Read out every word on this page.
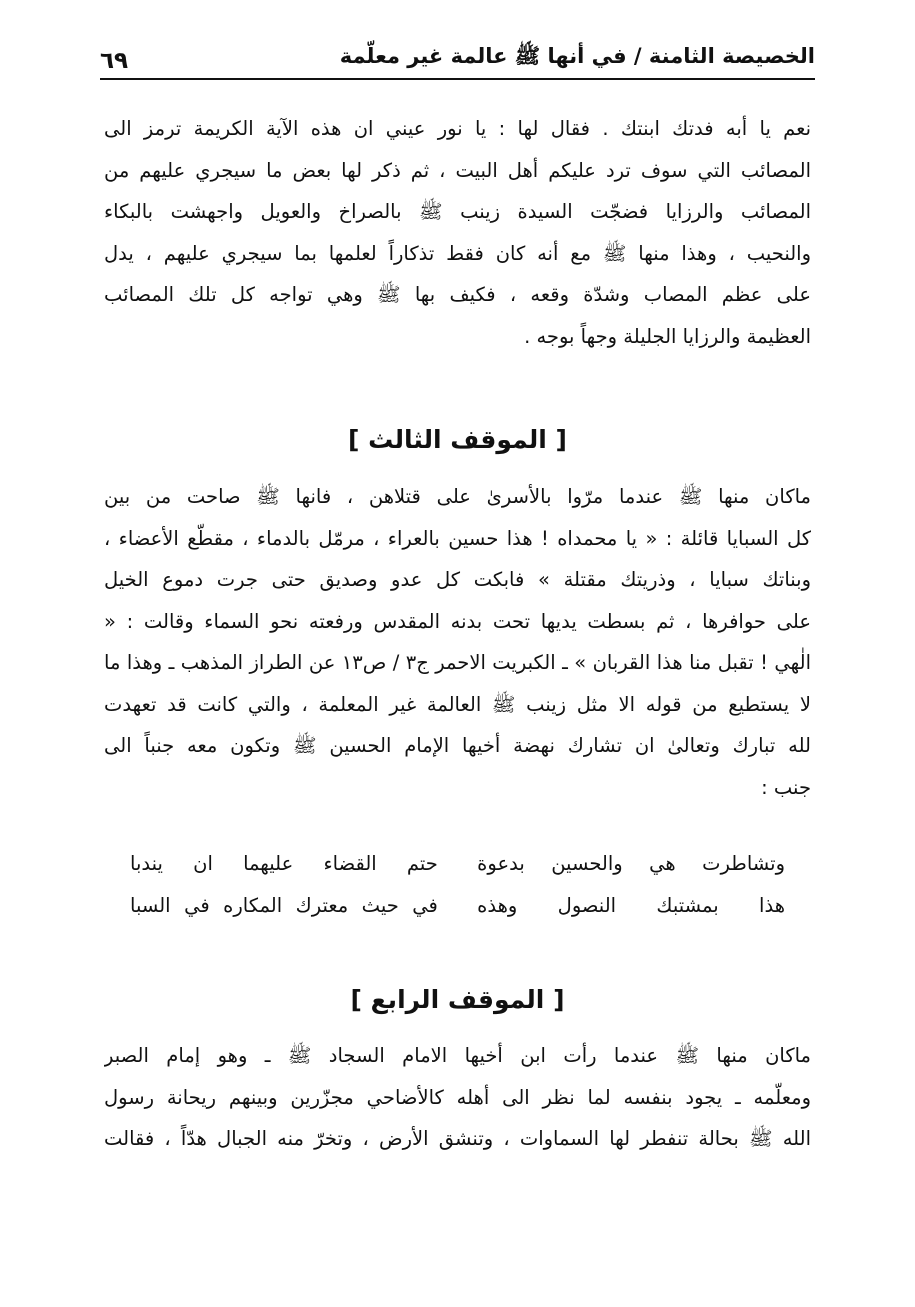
الخصيصة الثامنة / في أنها ﷺ عالمة غير معلّمة
٦٩
نعم يا أبه فدتك ابنتك . فقال لها : يا نور عيني ان هذه الآية الكريمة ترمز الى
المصائب التي سوف ترد عليكم أهل البيت ، ثم ذكر لها بعض ما سيجري عليهم من
المصائب والرزايا فضجّت السيدة زينب ﷺ بالصراخ والعويل واجهشت بالبكاء
والنحيب ، وهذا منها ﷺ مع أنه كان فقط تذكاراً لعلمها بما سيجري عليهم ، يدل
على عظم المصاب وشدّة وقعه ، فكيف بها ﷺ وهي تواجه كل تلك المصائب
العظيمة والرزايا الجليلة وجهاً بوجه .
[ الموقف الثالث ]
ماكان منها ﷺ عندما مرّوا بالأسرىٰ على قتلاهن ، فانها ﷺ صاحت من بين
كل السبايا قائلة : « يا محمداه ! هذا حسين بالعراء ، مرمّل بالدماء ، مقطّع الأعضاء ،
وبناتك سبايا ، وذريتك مقتلة » فابكت كل عدو وصديق حتى جرت دموع الخيل
على حوافرها ، ثم بسطت يديها تحت بدنه المقدس ورفعته نحو السماء وقالت : «
الٰهي ! تقبل منا هذا القربان » ـ الكبريت الاحمر ج٣ / ص١٣ عن الطراز المذهب ـ وهذا ما
لا يستطيع من قوله الا مثل زينب ﷺ العالمة غير المعلمة ، والتي كانت قد تعهدت
لله تبارك وتعالىٰ ان تشارك نهضة أخيها الإمام الحسين ﷺ وتكون معه جنباً الى
جنب :
وتشاطرت هي والحسين بدعوة
حتم القضاء عليهما ان يندبا
هذا بمشتبك النصول وهذه
في حيث معترك المكاره في السبا
[ الموقف الرابع ]
ماكان منها ﷺ عندما رأت ابن أخيها الامام السجاد ﷺ ـ وهو إمام الصبر
ومعلّمه ـ يجود بنفسه لما نظر الى أهله كالأضاحي مجزّرين وبينهم ريحانة رسول
الله ﷺ بحالة تنفطر لها السماوات ، وتنشق الأرض ، وتخرّ منه الجبال هدّاً ، فقالت
